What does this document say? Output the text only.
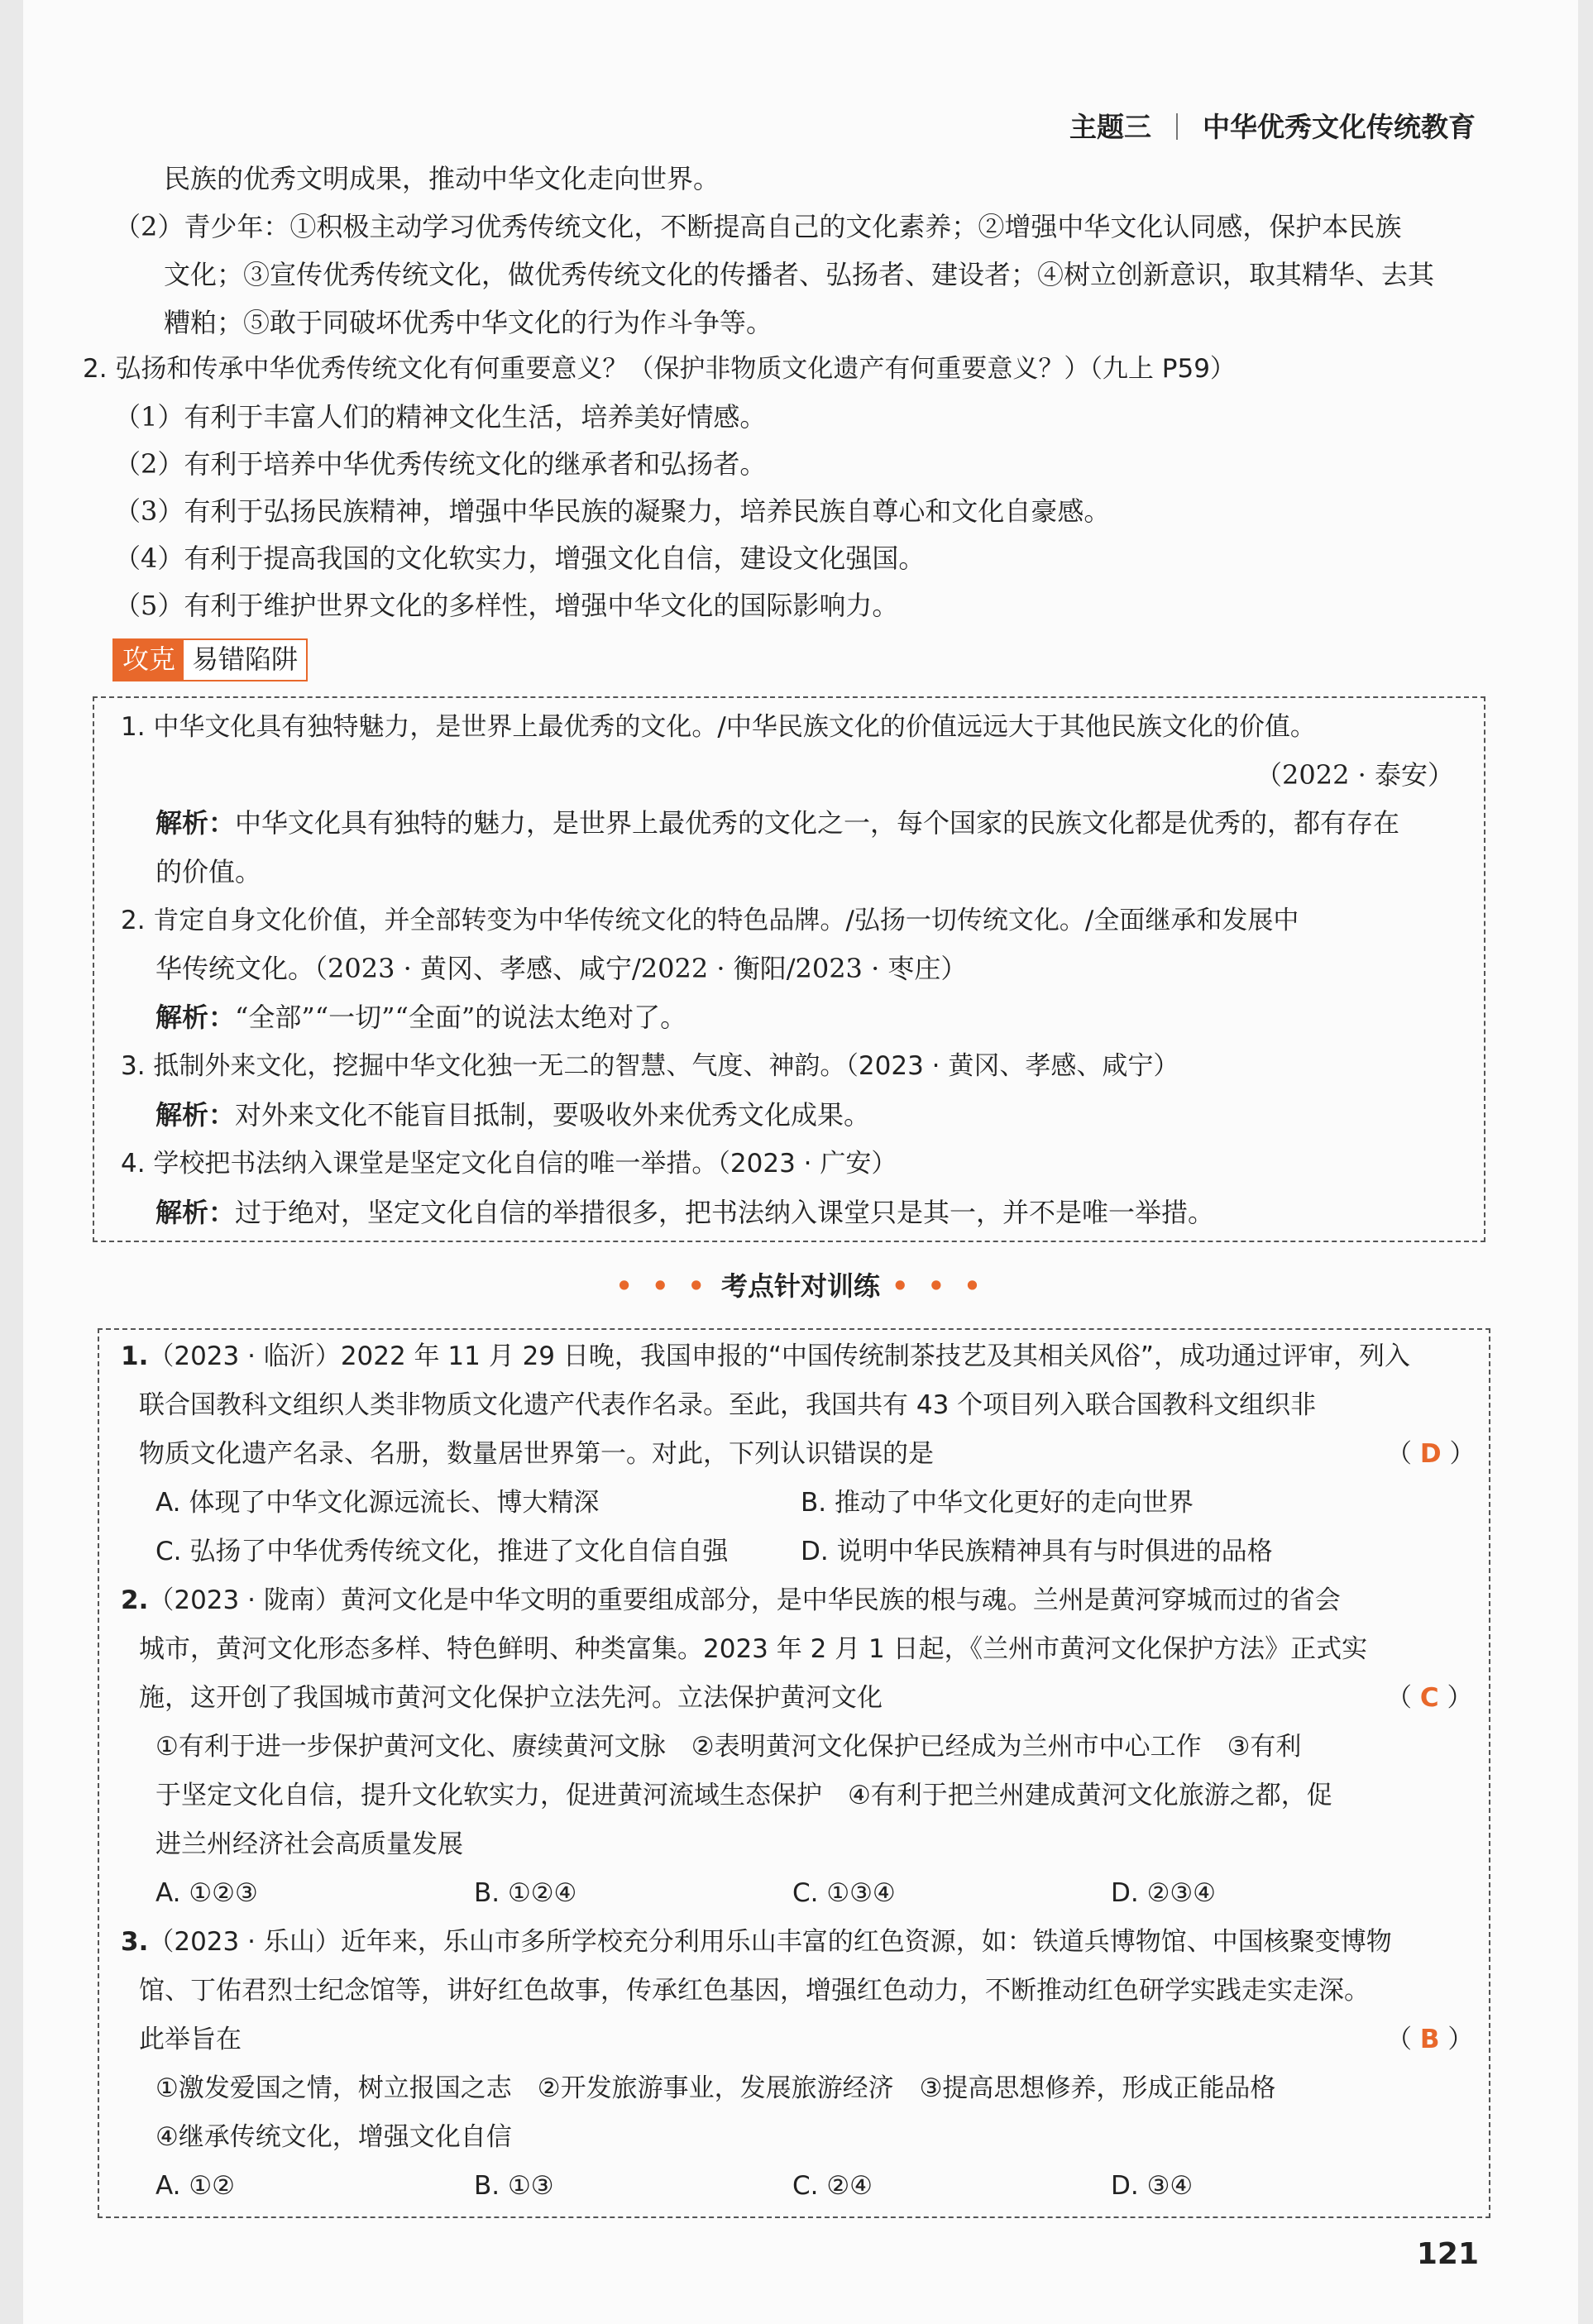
主题三 中华优秀文化传统教育
民族的优秀文明成果，推动中华文化走向世界。
（2）青少年：①积极主动学习优秀传统文化，不断提高自己的文化素养；②增强中华文化认同感，保护本民族
文化；③宣传优秀传统文化，做优秀传统文化的传播者、弘扬者、建设者；④树立创新意识，取其精华、去其
糟粕；⑤敢于同破坏优秀中华文化的行为作斗争等。
2. 弘扬和传承中华优秀传统文化有何重要意义？（保护非物质文化遗产有何重要意义？）（九上 P59）
（1）有利于丰富人们的精神文化生活，培养美好情感。
（2）有利于培养中华优秀传统文化的继承者和弘扬者。
（3）有利于弘扬民族精神，增强中华民族的凝聚力，培养民族自尊心和文化自豪感。
（4）有利于提高我国的文化软实力，增强文化自信，建设文化强国。
（5）有利于维护世界文化的多样性，增强中华文化的国际影响力。
攻克 易错陷阱
1. 中华文化具有独特魅力，是世界上最优秀的文化。/中华民族文化的价值远远大于其他民族文化的价值。
（2022 · 泰安）
解析：中华文化具有独特的魅力，是世界上最优秀的文化之一，每个国家的民族文化都是优秀的，都有存在
的价值。
2. 肯定自身文化价值，并全部转变为中华传统文化的特色品牌。/弘扬一切传统文化。/全面继承和发展中
华传统文化。（2023 · 黄冈、孝感、咸宁/2022 · 衡阳/2023 · 枣庄）
解析：“全部”“一切”“全面”的说法太绝对了。
3. 抵制外来文化，挖掘中华文化独一无二的智慧、气度、神韵。（2023 · 黄冈、孝感、咸宁）
解析：对外来文化不能盲目抵制，要吸收外来优秀文化成果。
4. 学校把书法纳入课堂是坚定文化自信的唯一举措。（2023 · 广安）
解析：过于绝对，坚定文化自信的举措很多，把书法纳入课堂只是其一，并不是唯一举措。
• • • 考点针对训练 • • •
1.（2023 · 临沂）2022 年 11 月 29 日晚，我国申报的“中国传统制茶技艺及其相关风俗”，成功通过评审，列入
联合国教科文组织人类非物质文化遗产代表作名录。至此，我国共有 43 个项目列入联合国教科文组织非
物质文化遗产名录、名册，数量居世界第一。对此，下列认识错误的是	（ D ）
A. 体现了中华文化源远流长、博大精深	B. 推动了中华文化更好的走向世界
C. 弘扬了中华优秀传统文化，推进了文化自信自强	D. 说明中华民族精神具有与时俱进的品格
2.（2023 · 陇南）黄河文化是中华文明的重要组成部分，是中华民族的根与魂。兰州是黄河穿城而过的省会
城市，黄河文化形态多样、特色鲜明、种类富集。2023 年 2 月 1 日起，《兰州市黄河文化保护方法》正式实
施，这开创了我国城市黄河文化保护立法先河。立法保护黄河文化	（ C ）
①有利于进一步保护黄河文化、赓续黄河文脉　②表明黄河文化保护已经成为兰州市中心工作　③有利
于坚定文化自信，提升文化软实力，促进黄河流域生态保护　④有利于把兰州建成黄河文化旅游之都，促
进兰州经济社会高质量发展
A. ①②③	B. ①②④	C. ①③④	D. ②③④
3.（2023 · 乐山）近年来，乐山市多所学校充分利用乐山丰富的红色资源，如：铁道兵博物馆、中国核聚变博物
馆、丁佑君烈士纪念馆等，讲好红色故事，传承红色基因，增强红色动力，不断推动红色研学实践走实走深。
此举旨在	（ B ）
①激发爱国之情，树立报国之志　②开发旅游事业，发展旅游经济　③提高思想修养，形成正能品格
④继承传统文化，增强文化自信
A. ①②	B. ①③	C. ②④	D. ③④
121
